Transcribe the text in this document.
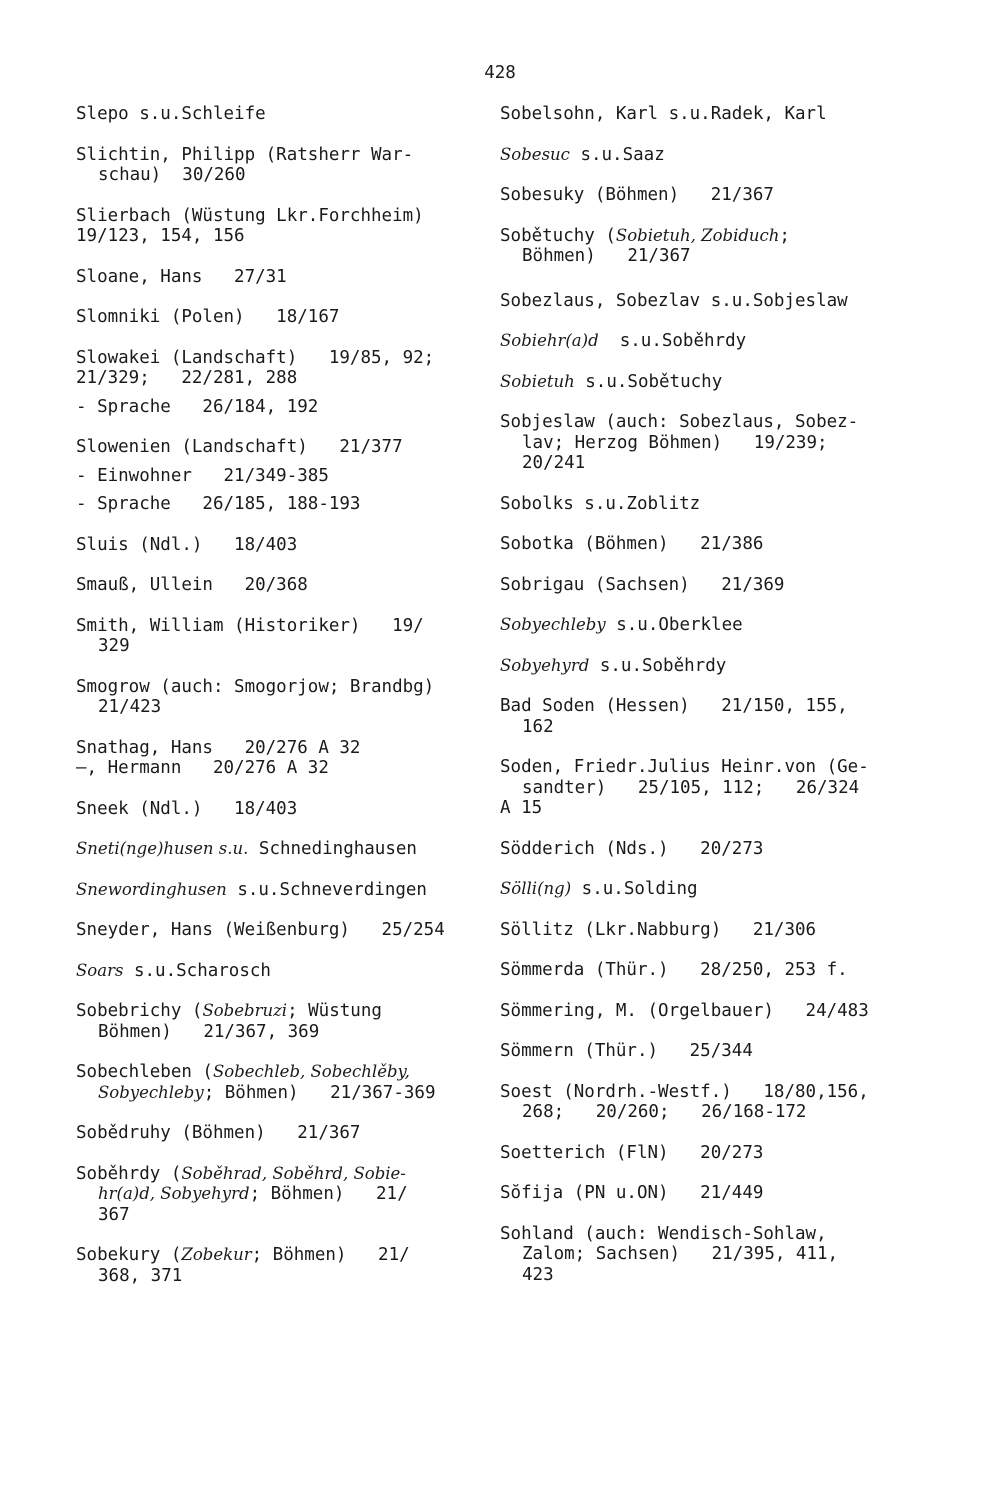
428
Slepo s.u.Schleife
Slichtin, Philipp (Ratsherr War-
schau)  30/260
Slierbach (Wüstung Lkr.Forchheim)
19/123, 154, 156
Sloane, Hans   27/31
Slomniki (Polen)   18/167
Slowakei (Landschaft)   19/85, 92;
21/329;   22/281, 288
- Sprache   26/184, 192
Slowenien (Landschaft)   21/377
- Einwohner   21/349-385
- Sprache   26/185, 188-193
Sluis (Ndl.)   18/403
Smauß, Ullein   20/368
Smith, William (Historiker)   19/
329
Smogrow (auch: Smogorjow; Brandbg)
21/423
Snathag, Hans   20/276 A 32
—, Hermann   20/276 A 32
Sneek (Ndl.)   18/403
Sneti(nge)husen s.u. Schnedinghausen
Snewordinghusen s.u.Schneverdingen
Sneyder, Hans (Weißenburg)   25/254
Soars s.u.Scharosch
Sobebrichy (Sobebruzi; Wüstung
Böhmen)   21/367, 369
Sobechleben (Sobechleb, Sobechlěby,
Sobyechleby; Böhmen)   21/367-369
Sobědruhy (Böhmen)   21/367
Soběhrdy (Soběhrad, Soběhrd, Sobie-
hr(a)d, Sobyehyrd; Böhmen)   21/
367
Sobekury (Zobekur; Böhmen)   21/
368, 371
Sobelsohn, Karl s.u.Radek, Karl
Sobesuc s.u.Saaz
Sobesuky (Böhmen)   21/367
Sobětuchy (Sobietuh, Zobiduch;
Böhmen)   21/367
Sobezlaus, Sobezlav s.u.Sobjeslaw
Sobiehr(a)d  s.u.Soběhrdy
Sobietuh s.u.Sobětuchy
Sobjeslaw (auch: Sobezlaus, Sobez-
lav; Herzog Böhmen)   19/239;
20/241
Sobolks s.u.Zoblitz
Sobotka (Böhmen)   21/386
Sobrigau (Sachsen)   21/369
Sobyechleby s.u.Oberklee
Sobyehyrd s.u.Soběhrdy
Bad Soden (Hessen)   21/150, 155,
162
Soden, Friedr.Julius Heinr.von (Ge-
sandter)   25/105, 112;   26/324
A 15
Södderich (Nds.)   20/273
Sölli(ng) s.u.Solding
Söllitz (Lkr.Nabburg)   21/306
Sömmerda (Thür.)   28/250, 253 f.
Sömmering, M. (Orgelbauer)   24/483
Sömmern (Thür.)   25/344
Soest (Nordrh.-Westf.)   18/80,156,
268;   20/260;   26/168-172
Soetterich (FlN)   20/273
Sŏfija (PN u.ON)   21/449
Sohland (auch: Wendisch-Sohlaw,
Zalom; Sachsen)   21/395, 411,
423
